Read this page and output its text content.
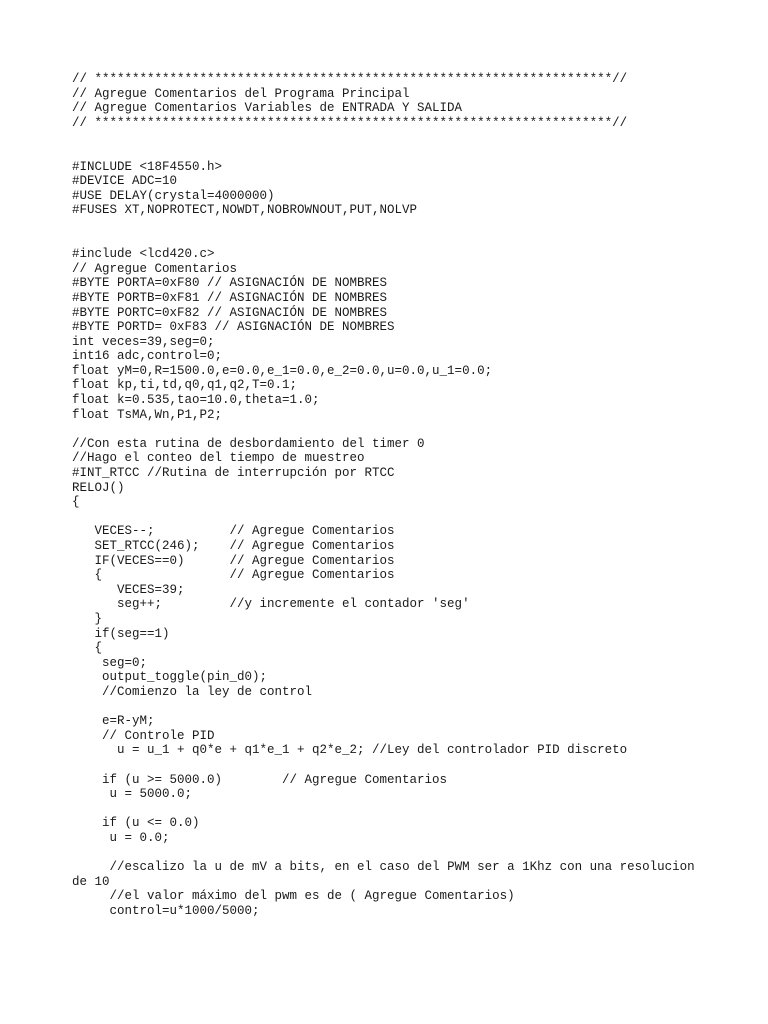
// *********************************************************************//
// Agregue Comentarios del Programa Principal
// Agregue Comentarios Variables de ENTRADA Y SALIDA
// *********************************************************************//
#INCLUDE <18F4550.h>
#DEVICE ADC=10
#USE DELAY(crystal=4000000)
#FUSES XT,NOPROTECT,NOWDT,NOBROWNOUT,PUT,NOLVP
#include <lcd420.c>
// Agregue Comentarios
#BYTE PORTA=0xF80 // ASIGNACIÓN DE NOMBRES
#BYTE PORTB=0xF81 // ASIGNACIÓN DE NOMBRES
#BYTE PORTC=0xF82 // ASIGNACIÓN DE NOMBRES
#BYTE PORTD= 0xF83 // ASIGNACIÓN DE NOMBRES
int veces=39,seg=0;
int16 adc,control=0;
float yM=0,R=1500.0,e=0.0,e_1=0.0,e_2=0.0,u=0.0,u_1=0.0;
float kp,ti,td,q0,q1,q2,T=0.1;
float k=0.535,tao=10.0,theta=1.0;
float TsMA,Wn,P1,P2;
//Con esta rutina de desbordamiento del timer 0
//Hago el conteo del tiempo de muestreo
#INT_RTCC //Rutina de interrupción por RTCC
RELOJ()
{
VECES--;          // Agregue Comentarios
SET_RTCC(246);    // Agregue Comentarios
IF(VECES==0)      // Agregue Comentarios
{                 // Agregue Comentarios
VECES=39;
seg++;         //y incremente el contador 'seg'
}
if(seg==1)
{
seg=0;
output_toggle(pin_d0);
//Comienzo la ley de control
e=R-yM;
// Controle PID
u = u_1 + q0*e + q1*e_1 + q2*e_2; //Ley del controlador PID discreto
if (u >= 5000.0)        // Agregue Comentarios
u = 5000.0;
if (u <= 0.0)
u = 0.0;
//escalizo la u de mV a bits, en el caso del PWM ser a 1Khz con una resolucion de 10
//el valor máximo del pwm es de ( Agregue Comentarios)
control=u*1000/5000;
